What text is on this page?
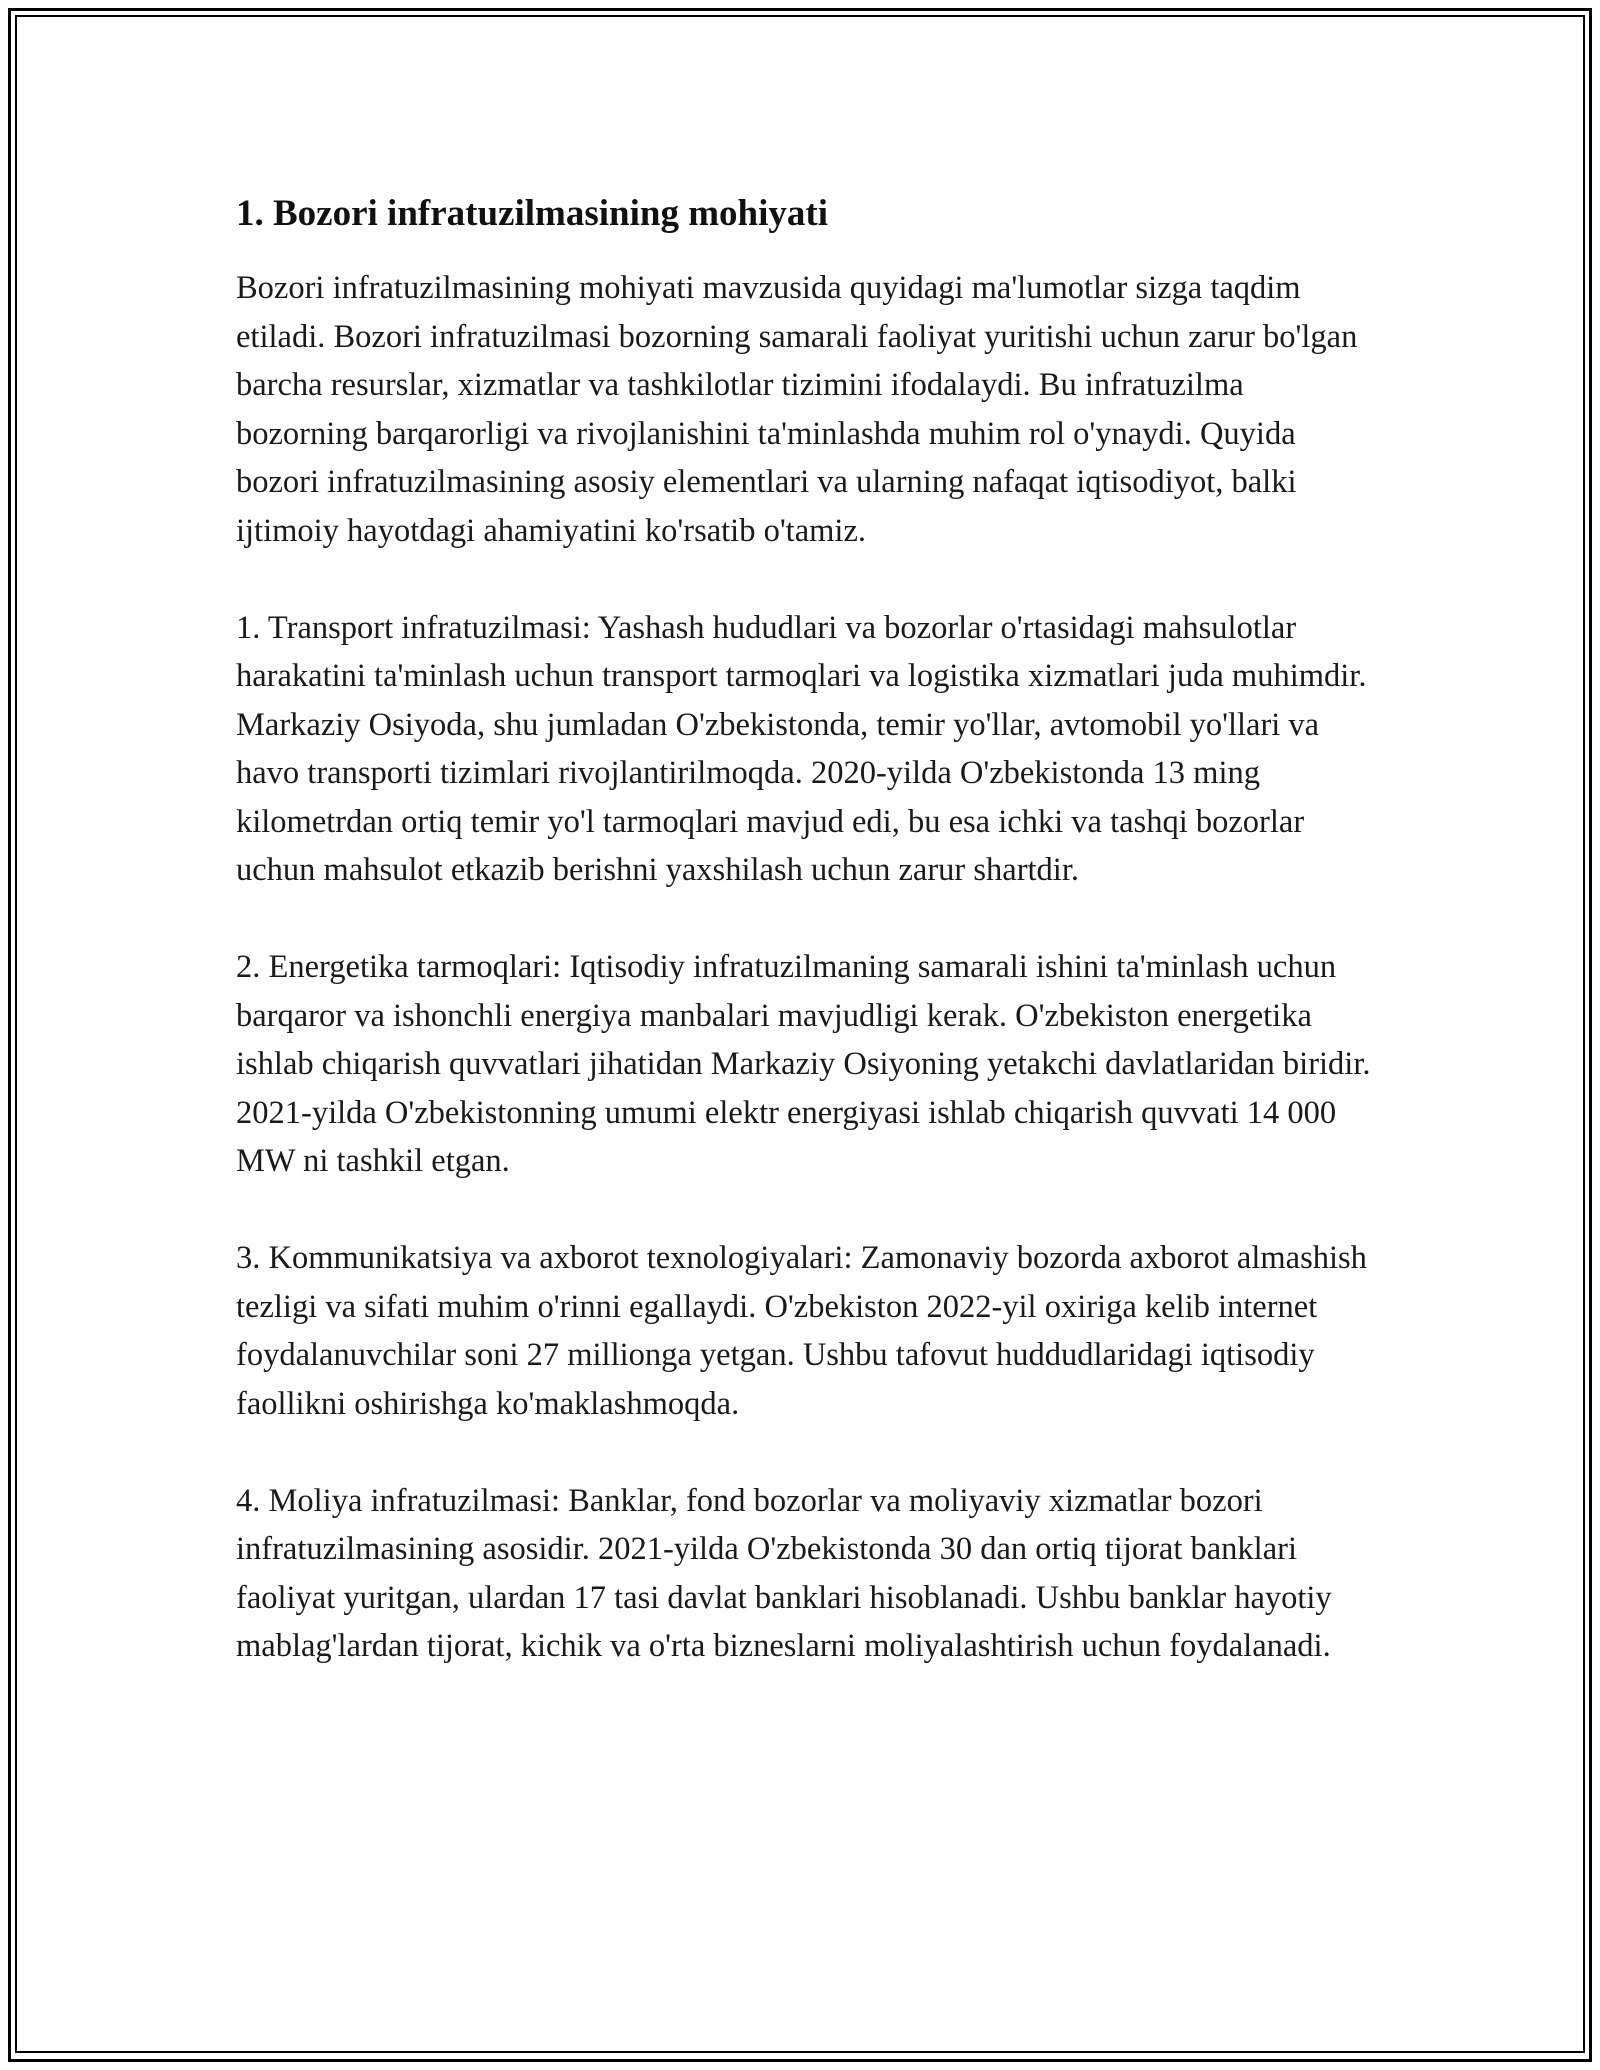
1. Bozori infratuzilmasining mohiyati

Bozori infratuzilmasining mohiyati mavzusida quyidagi ma'lumotlar sizga taqdim etiladi. Bozori infratuzilmasi bozorning samarali faoliyat yuritishi uchun zarur bo'lgan barcha resurslar, xizmatlar va tashkilotlar tizimini ifodalaydi. Bu infratuzilma bozorning barqarorligi va rivojlanishini ta'minlashda muhim rol o'ynaydi. Quyida bozori infratuzilmasining asosiy elementlari va ularning nafaqat iqtisodiyot, balki ijtimoiy hayotdagi ahamiyatini ko'rsatib o'tamiz.

1. Transport infratuzilmasi: Yashash hududlari va bozorlar o'rtasidagi mahsulotlar harakatini ta'minlash uchun transport tarmoqlari va logistika xizmatlari juda muhimdir. Markaziy Osiyoda, shu jumladan O'zbekistonda, temir yo'llar, avtomobil yo'llari va havo transporti tizimlari rivojlantirilmoqda. 2020-yilda O'zbekistonda 13 ming kilometrdan ortiq temir yo'l tarmoqlari mavjud edi, bu esa ichki va tashqi bozorlar uchun mahsulot etkazib berishni yaxshilash uchun zarur shartdir.

2. Energetika tarmoqlari: Iqtisodiy infratuzilmaning samarali ishini ta'minlash uchun barqaror va ishonchli energiya manbalari mavjudligi kerak. O'zbekiston energetika ishlab chiqarish quvvatlari jihatidan Markaziy Osiyoning yetakchi davlatlaridan biridir. 2021-yilda O'zbekistonning umumi elektr energiyasi ishlab chiqarish quvvati 14 000 MW ni tashkil etgan.

3. Kommunikatsiya va axborot texnologiyalari: Zamonaviy bozorda axborot almashish tezligi va sifati muhim o'rinni egallaydi. O'zbekiston 2022-yil oxiriga kelib internet foydalanuvchilar soni 27 millionga yetgan. Ushbu tafovut huddudlaridagi iqtisodiy faollikni oshirishga ko'maklashmoqda.

4. Moliya infratuzilmasi: Banklar, fond bozorlar va moliyaviy xizmatlar bozori infratuzilmasining asosidir. 2021-yilda O'zbekistonda 30 dan ortiq tijorat banklari faoliyat yuritgan, ulardan 17 tasi davlat banklari hisoblanadi. Ushbu banklar hayotiy mablag'lardan tijorat, kichik va o'rta bizneslarni moliyalashtirish uchun foydalanadi.
